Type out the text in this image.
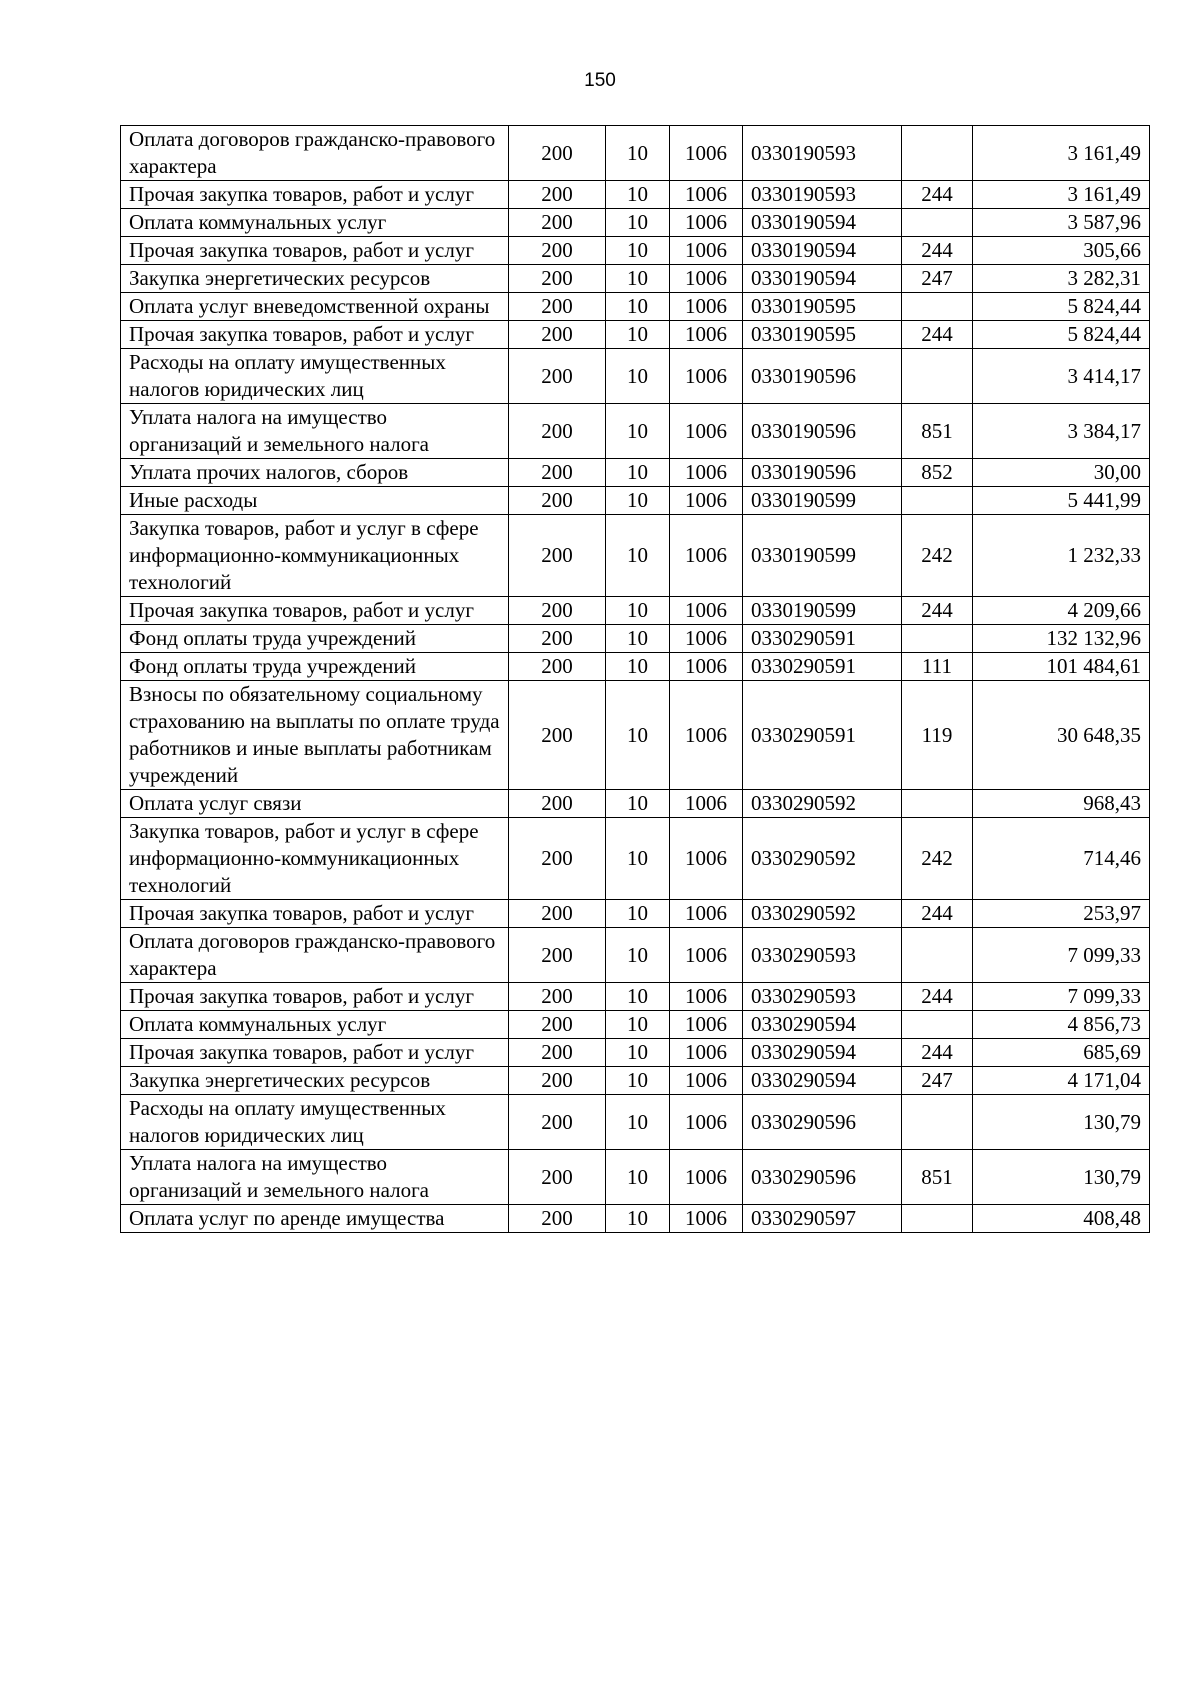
150
Оплата договоров гражданско-правового характера	200	10	1006	0330190593		3 161,49
Прочая закупка товаров, работ и услуг	200	10	1006	0330190593	244	3 161,49
Оплата коммунальных услуг	200	10	1006	0330190594		3 587,96
Прочая закупка товаров, работ и услуг	200	10	1006	0330190594	244	305,66
Закупка энергетических ресурсов	200	10	1006	0330190594	247	3 282,31
Оплата услуг вневедомственной охраны	200	10	1006	0330190595		5 824,44
Прочая закупка товаров, работ и услуг	200	10	1006	0330190595	244	5 824,44
Расходы на оплату имущественных налогов юридических лиц	200	10	1006	0330190596		3 414,17
Уплата налога на имущество организаций и земельного налога	200	10	1006	0330190596	851	3 384,17
Уплата прочих налогов, сборов	200	10	1006	0330190596	852	30,00
Иные расходы	200	10	1006	0330190599		5 441,99
Закупка товаров, работ и услуг в сфере информационно-коммуникационных технологий	200	10	1006	0330190599	242	1 232,33
Прочая закупка товаров, работ и услуг	200	10	1006	0330190599	244	4 209,66
Фонд оплаты труда учреждений	200	10	1006	0330290591		132 132,96
Фонд оплаты труда учреждений	200	10	1006	0330290591	111	101 484,61
Взносы по обязательному социальному страхованию на выплаты по оплате труда работников и иные выплаты работникам учреждений	200	10	1006	0330290591	119	30 648,35
Оплата услуг связи	200	10	1006	0330290592		968,43
Закупка товаров, работ и услуг в сфере информационно-коммуникационных технологий	200	10	1006	0330290592	242	714,46
Прочая закупка товаров, работ и услуг	200	10	1006	0330290592	244	253,97
Оплата договоров гражданско-правового характера	200	10	1006	0330290593		7 099,33
Прочая закупка товаров, работ и услуг	200	10	1006	0330290593	244	7 099,33
Оплата коммунальных услуг	200	10	1006	0330290594		4 856,73
Прочая закупка товаров, работ и услуг	200	10	1006	0330290594	244	685,69
Закупка энергетических ресурсов	200	10	1006	0330290594	247	4 171,04
Расходы на оплату имущественных налогов юридических лиц	200	10	1006	0330290596		130,79
Уплата налога на имущество организаций и земельного налога	200	10	1006	0330290596	851	130,79
Оплата услуг по аренде имущества	200	10	1006	0330290597		408,48
